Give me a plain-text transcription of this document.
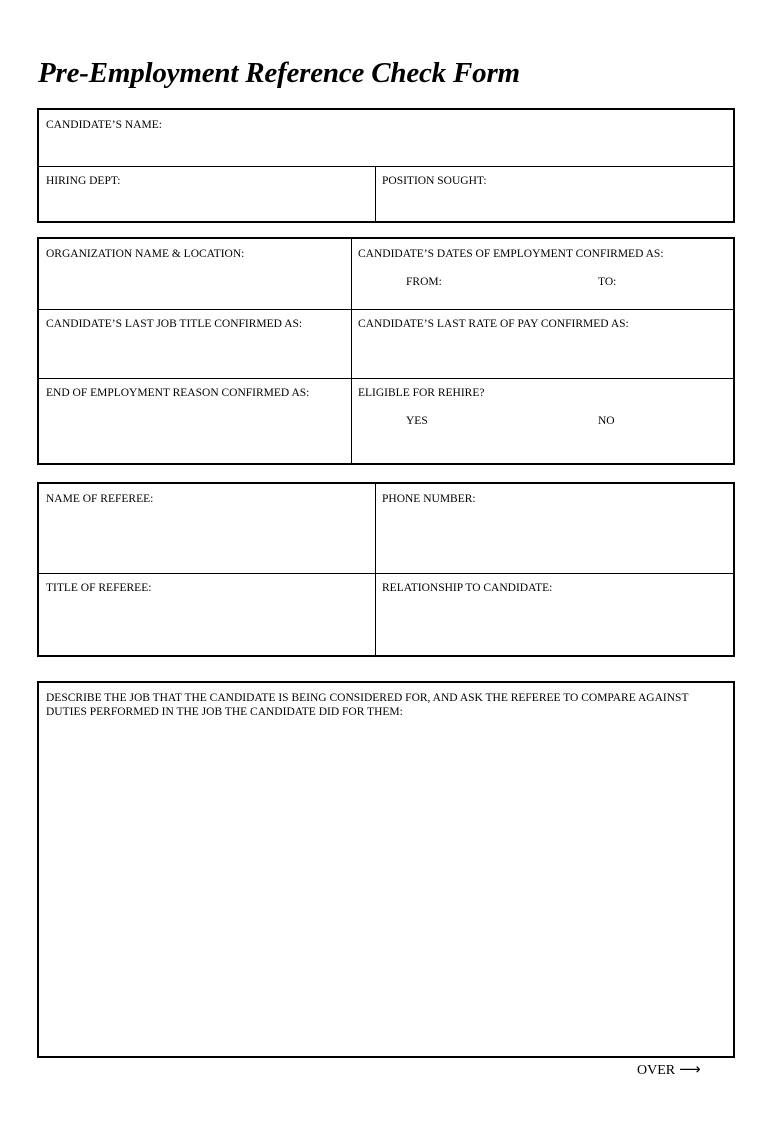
Pre-Employment Reference Check Form
CANDIDATE’S NAME:
HIRING DEPT:	POSITION SOUGHT:
ORGANIZATION NAME & LOCATION:	CANDIDATE’S DATES OF EMPLOYMENT CONFIRMED AS:
FROM:	TO:
CANDIDATE’S LAST JOB TITLE CONFIRMED AS:	CANDIDATE’S LAST RATE OF PAY CONFIRMED AS:
END OF EMPLOYMENT REASON CONFIRMED AS:	ELIGIBLE FOR REHIRE?
YES	NO
NAME OF REFEREE:	PHONE NUMBER:
TITLE OF REFEREE:	RELATIONSHIP TO CANDIDATE:
DESCRIBE THE JOB THAT THE CANDIDATE IS BEING CONSIDERED FOR, AND ASK THE REFEREE TO COMPARE AGAINST DUTIES PERFORMED IN THE JOB THE CANDIDATE DID FOR THEM:
OVER ⟶
